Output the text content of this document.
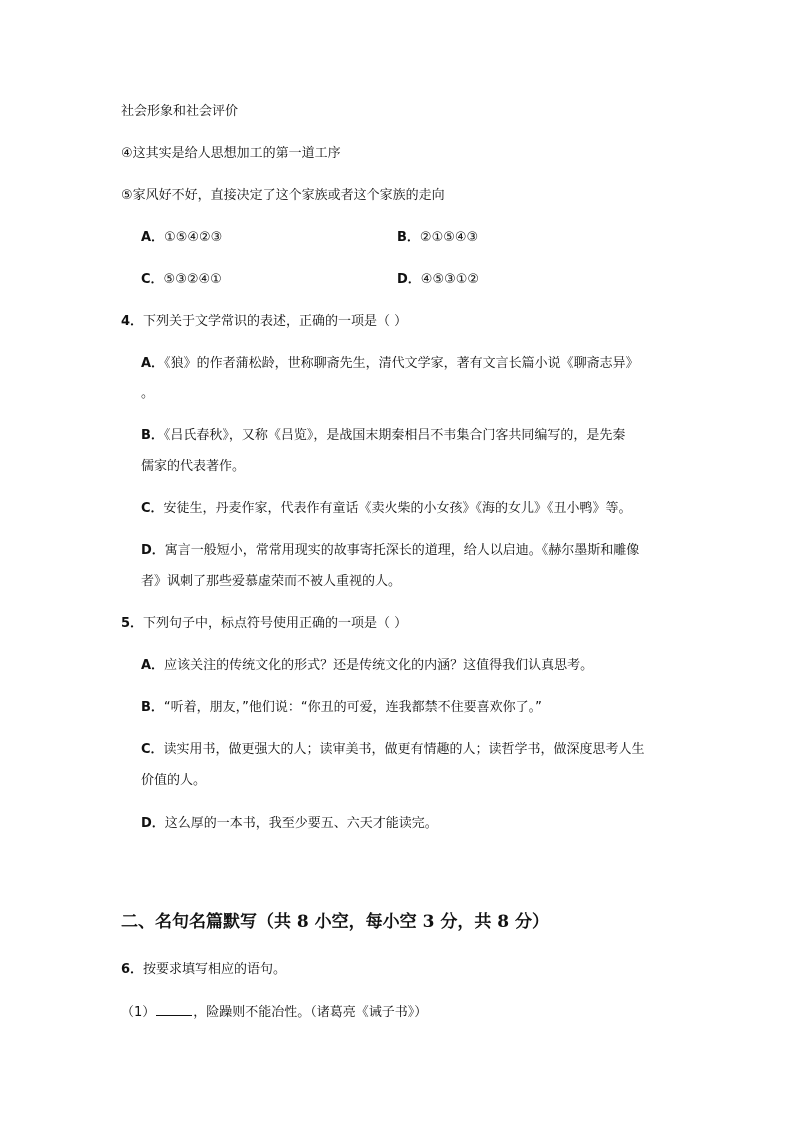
社会形象和社会评价
④这其实是给人思想加工的第一道工序
⑤家风好不好，直接决定了这个家族或者这个家族的走向
A．①⑤④②③	B．②①⑤④③
C．⑤③②④①	D．④⑤③①②
4．下列关于文学常识的表述，正确的一项是（ ）
A．《狼》的作者蒲松龄，世称聊斋先生，清代文学家，著有文言长篇小说《聊斋志异》
。
B．《吕氏春秋》，又称《吕览》，是战国末期秦相吕不韦集合门客共同编写的，是先秦
儒家的代表著作。
C．安徒生，丹麦作家，代表作有童话《卖火柴的小女孩》《海的女儿》《丑小鸭》等。
D．寓言一般短小，常常用现实的故事寄托深长的道理，给人以启迪。《赫尔墨斯和雕像
者》讽刺了那些爱慕虚荣而不被人重视的人。
5．下列句子中，标点符号使用正确的一项是（ ）
A．应该关注的传统文化的形式？还是传统文化的内涵？这值得我们认真思考。
B．“听着，朋友，”他们说：“你丑的可爱，连我都禁不住要喜欢你了。”
C．读实用书，做更强大的人；读审美书，做更有情趣的人；读哲学书，做深度思考人生
价值的人。
D．这么厚的一本书，我至少要五、六天才能读完。
二、名句名篇默写（共 8 小空，每小空 3 分，共 8 分）
6．按要求填写相应的语句。
（1）	，险躁则不能冶性。（诸葛亮《诫子书》）
